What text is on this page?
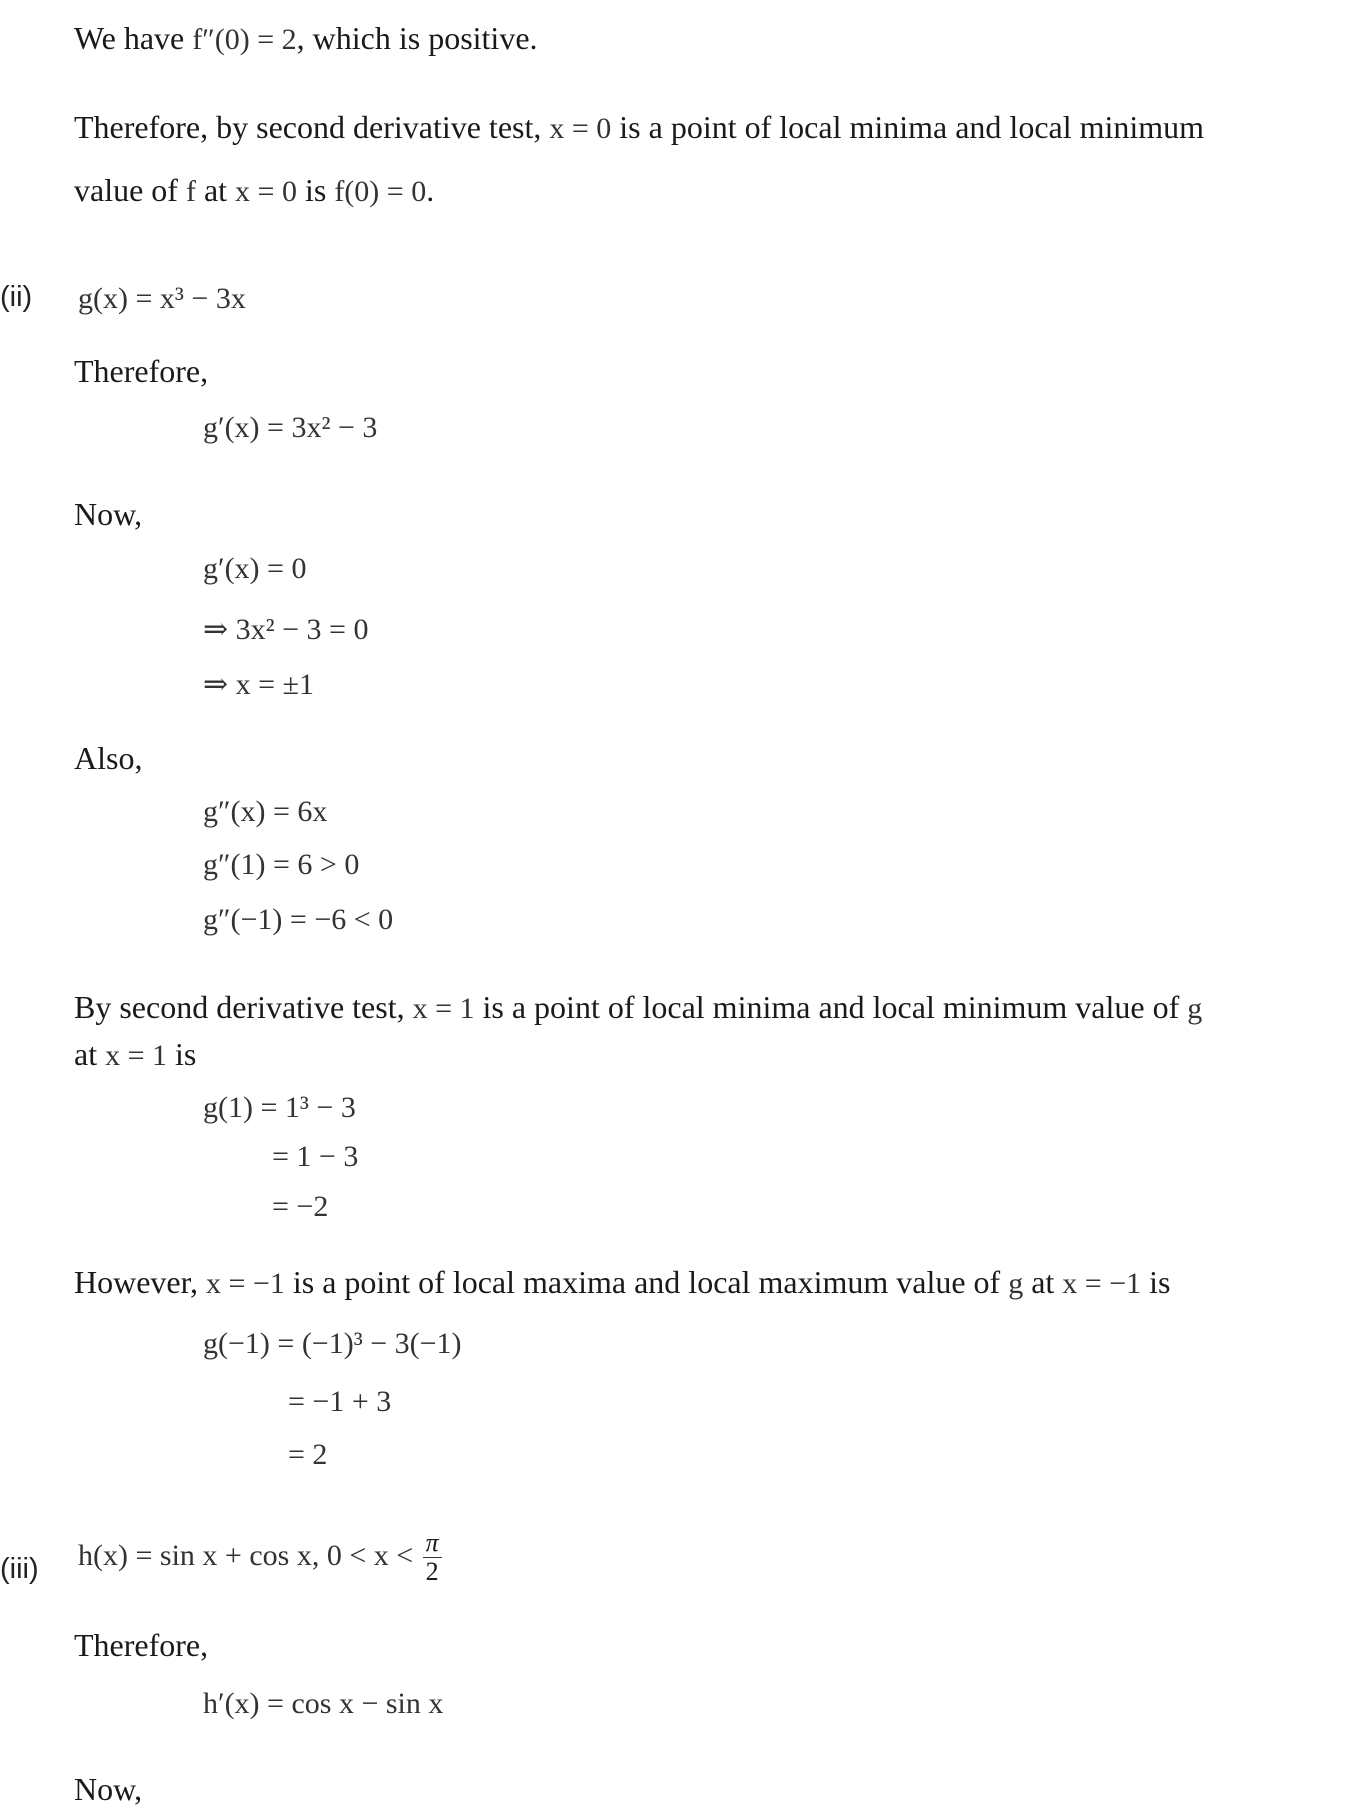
(ii)
(iii)
We have f″(0) = 2, which is positive.
Therefore, by second derivative test, x = 0 is a point of local minima and local minimum
value of f at x = 0 is f(0) = 0.
g(x) = x³ − 3x
Therefore,
g′(x) = 3x² − 3
Now,
g′(x) = 0
⇒ 3x² − 3 = 0
⇒ x = ±1
Also,
g″(x) = 6x
g″(1) = 6 > 0
g″(−1) = −6 < 0
By second derivative test, x = 1 is a point of local minima and local minimum value of g
at x = 1 is
g(1) = 1³ − 3
= 1 − 3
= −2
However, x = −1 is a point of local maxima and local maximum value of g at x = −1 is
g(−1) = (−1)³ − 3(−1)
= −1 + 3
= 2
h(x) = sin x + cos x, $0 < x < \frac{\pi}{2}$
Therefore,
h′(x) = cos x − sin x
Now,
